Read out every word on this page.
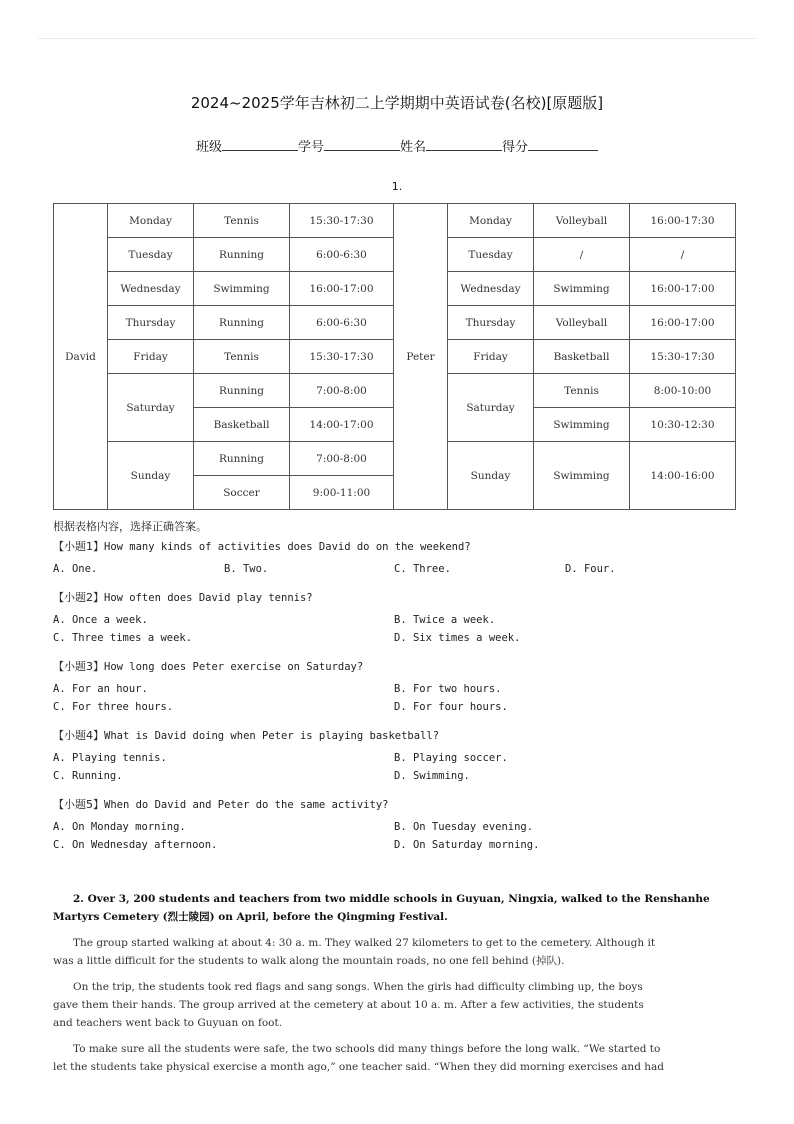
2024~2025学年吉林初二上学期期中英语试卷(名校)[原题版]
班级	学号	姓名	得分
1.
David	Monday	Tennis	15:30-17:30	Peter	Monday	Volleyball	16:00-17:30
	Tuesday	Running	6:00-6:30		Tuesday	/	/
	Wednesday	Swimming	16:00-17:00		Wednesday	Swimming	16:00-17:00
	Thursday	Running	6:00-6:30		Thursday	Volleyball	16:00-17:00
	Friday	Tennis	15:30-17:30		Friday	Basketball	15:30-17:30
	Saturday	Running	7:00-8:00		Saturday	Tennis	8:00-10:00
		Basketball	14:00-17:00			Swimming	10:30-12:30
	Sunday	Running	7:00-8:00		Sunday	Swimming	14:00-16:00
		Soccer	9:00-11:00				
根据表格内容，选择正确答案。
【小题1】How many kinds of activities does David do on the weekend?
A. One.	B. Two.	C. Three.	D. Four.
【小题2】How often does David play tennis?
A. Once a week.	B. Twice a week.
C. Three times a week.	D. Six times a week.
【小题3】How long does Peter exercise on Saturday?
A. For an hour.	B. For two hours.
C. For three hours.	D. For four hours.
【小题4】What is David doing when Peter is playing basketball?
A. Playing tennis.	B. Playing soccer.
C. Running.	D. Swimming.
【小题5】When do David and Peter do the same activity?
A. On Monday morning.	B. On Tuesday evening.
C. On Wednesday afternoon.	D. On Saturday morning.
2. Over 3, 200 students and teachers from two middle schools in Guyuan, Ningxia, walked to the Renshanhe
Martyrs Cemetery (烈士陵园) on April, before the Qingming Festival.
The group started walking at about 4: 30 a. m. They walked 27 kilometers to get to the cemetery. Although it
was a little difficult for the students to walk along the mountain roads, no one fell behind (掉队).
On the trip, the students took red flags and sang songs. When the girls had difficulty climbing up, the boys
gave them their hands. The group arrived at the cemetery at about 10 a. m. After a few activities, the students
and teachers went back to Guyuan on foot.
To make sure all the students were safe, the two schools did many things before the long walk. “We started to
let the students take physical exercise a month ago,” one teacher said. “When they did morning exercises and had
